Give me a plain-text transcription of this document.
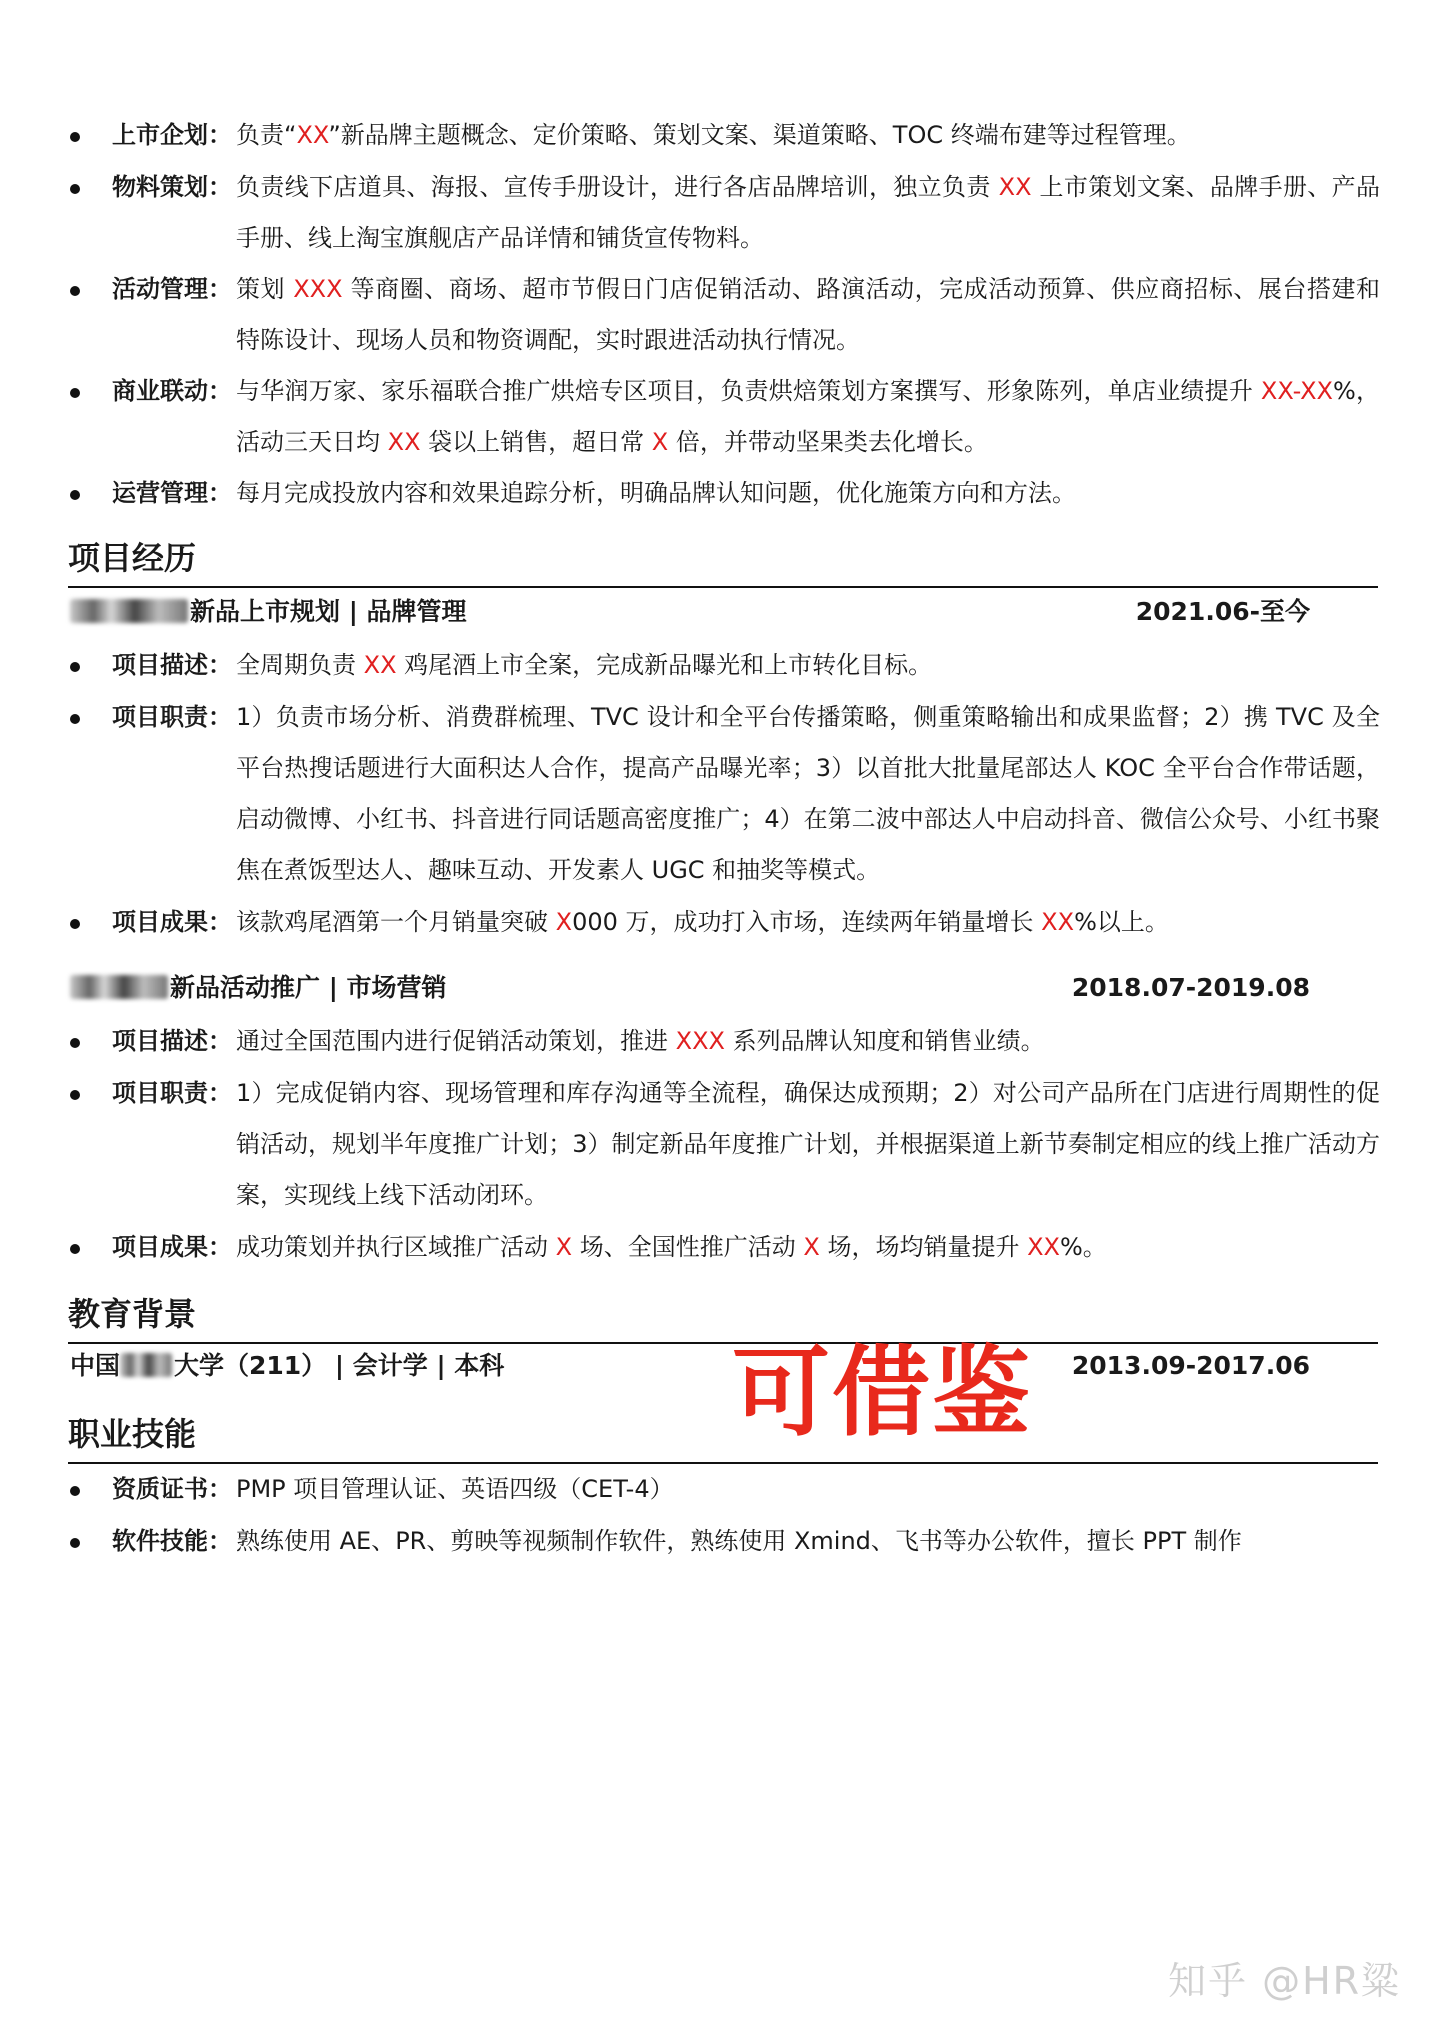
上市企划： 负责“XX”新品牌主题概念、定价策略、策划文案、渠道策略、TOC 终端布建等过程管理。
物料策划： 负责线下店道具、海报、宣传手册设计，进行各店品牌培训，独立负责 XX 上市策划文案、品牌手册、产品手册、线上淘宝旗舰店产品详情和铺货宣传物料。
活动管理： 策划 XXX 等商圈、商场、超市节假日门店促销活动、路演活动，完成活动预算、供应商招标、展台搭建和特陈设计、现场人员和物资调配，实时跟进活动执行情况。
商业联动： 与华润万家、家乐福联合推广烘焙专区项目，负责烘焙策划方案撰写、形象陈列，单店业绩提升 XX-XX%，活动三天日均 XX 袋以上销售，超日常 X 倍，并带动坚果类去化增长。
运营管理： 每月完成投放内容和效果追踪分析，明确品牌认知问题，优化施策方向和方法。
项目经历
新品上市规划 | 品牌管理	2021.06-至今
项目描述： 全周期负责 XX 鸡尾酒上市全案，完成新品曝光和上市转化目标。
项目职责： 1）负责市场分析、消费群梳理、TVC 设计和全平台传播策略，侧重策略输出和成果监督；2）携 TVC 及全平台热搜话题进行大面积达人合作，提高产品曝光率；3）以首批大批量尾部达人 KOC 全平台合作带话题，启动微博、小红书、抖音进行同话题高密度推广；4）在第二波中部达人中启动抖音、微信公众号、小红书聚焦在煮饭型达人、趣味互动、开发素人 UGC 和抽奖等模式。
项目成果： 该款鸡尾酒第一个月销量突破 X000 万，成功打入市场，连续两年销量增长 XX%以上。
新品活动推广 | 市场营销	2018.07-2019.08
项目描述： 通过全国范围内进行促销活动策划，推进 XXX 系列品牌认知度和销售业绩。
项目职责： 1）完成促销内容、现场管理和库存沟通等全流程，确保达成预期；2）对公司产品所在门店进行周期性的促销活动，规划半年度推广计划；3）制定新品年度推广计划，并根据渠道上新节奏制定相应的线上推广活动方案，实现线上线下活动闭环。
项目成果： 成功策划并执行区域推广活动 X 场、全国性推广活动 X 场，场均销量提升 XX%。
教育背景
中国 大学（211） | 会计学 | 本科	2013.09-2017.06
可借鉴
职业技能
资质证书： PMP 项目管理认证、英语四级（CET-4）
软件技能： 熟练使用 AE、PR、剪映等视频制作软件，熟练使用 Xmind、飞书等办公软件，擅长 PPT 制作
知乎 @HR粱
